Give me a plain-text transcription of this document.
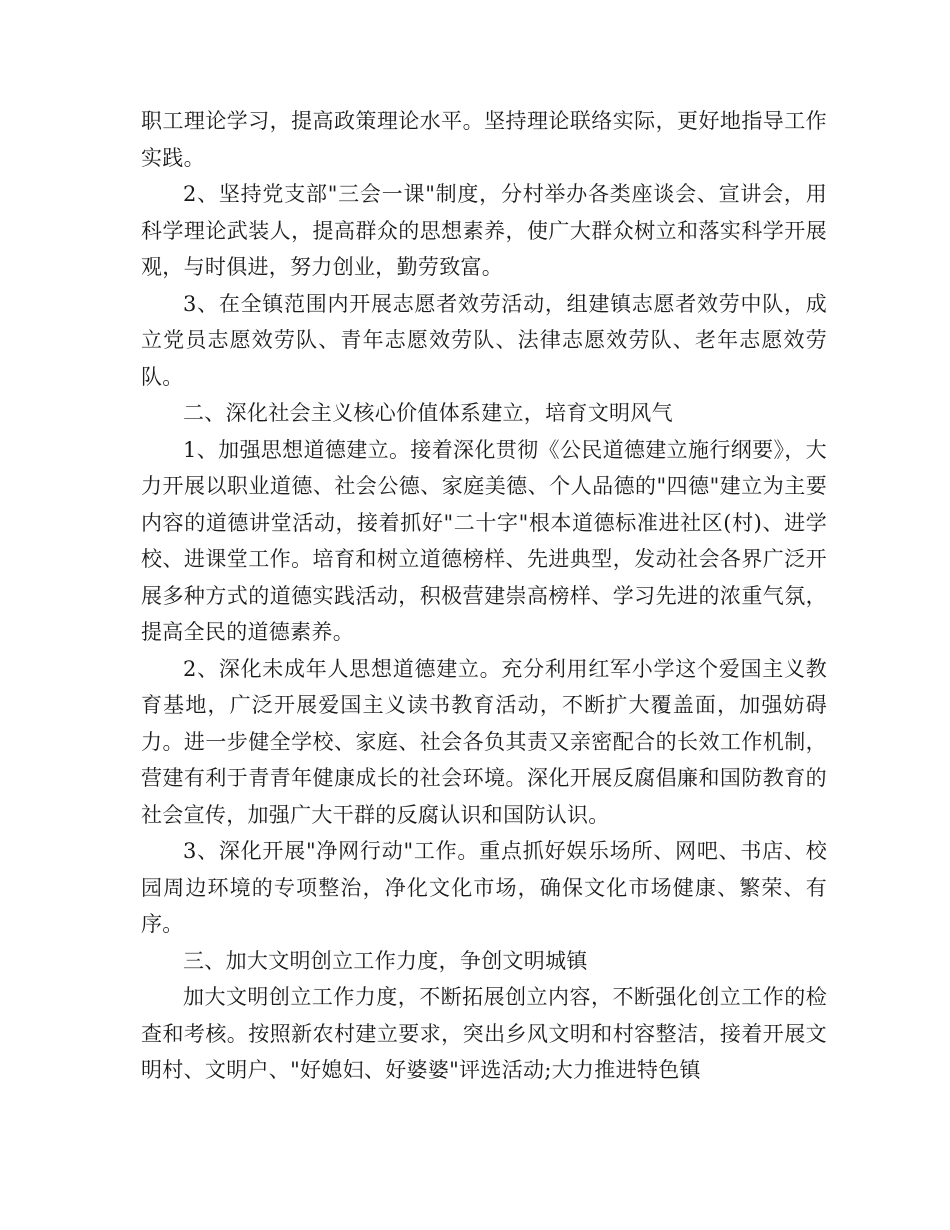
职工理论学习，提高政策理论水平。坚持理论联络实际，更好地指导工作实践。

2、坚持党支部"三会一课"制度，分村举办各类座谈会、宣讲会，用科学理论武装人，提高群众的思想素养，使广大群众树立和落实科学开展观，与时俱进，努力创业，勤劳致富。

3、在全镇范围内开展志愿者效劳活动，组建镇志愿者效劳中队，成立党员志愿效劳队、青年志愿效劳队、法律志愿效劳队、老年志愿效劳队。

二、深化社会主义核心价值体系建立，培育文明风气

1、加强思想道德建立。接着深化贯彻《公民道德建立施行纲要》，大力开展以职业道德、社会公德、家庭美德、个人品德的"四德"建立为主要内容的道德讲堂活动，接着抓好"二十字"根本道德标准进社区(村)、进学校、进课堂工作。培育和树立道德榜样、先进典型，发动社会各界广泛开展多种方式的道德实践活动，积极营建崇高榜样、学习先进的浓重气氛，提高全民的道德素养。

2、深化未成年人思想道德建立。充分利用红军小学这个爱国主义教育基地，广泛开展爱国主义读书教育活动，不断扩大覆盖面，加强妨碍力。进一步健全学校、家庭、社会各负其责又亲密配合的长效工作机制，营建有利于青青年健康成长的社会环境。深化开展反腐倡廉和国防教育的社会宣传，加强广大干群的反腐认识和国防认识。

3、深化开展"净网行动"工作。重点抓好娱乐场所、网吧、书店、校园周边环境的专项整治，净化文化市场，确保文化市场健康、繁荣、有序。

三、加大文明创立工作力度，争创文明城镇

加大文明创立工作力度，不断拓展创立内容，不断强化创立工作的检查和考核。按照新农村建立要求，突出乡风文明和村容整洁，接着开展文明村、文明户、"好媳妇、好婆婆"评选活动;大力推进特色镇
